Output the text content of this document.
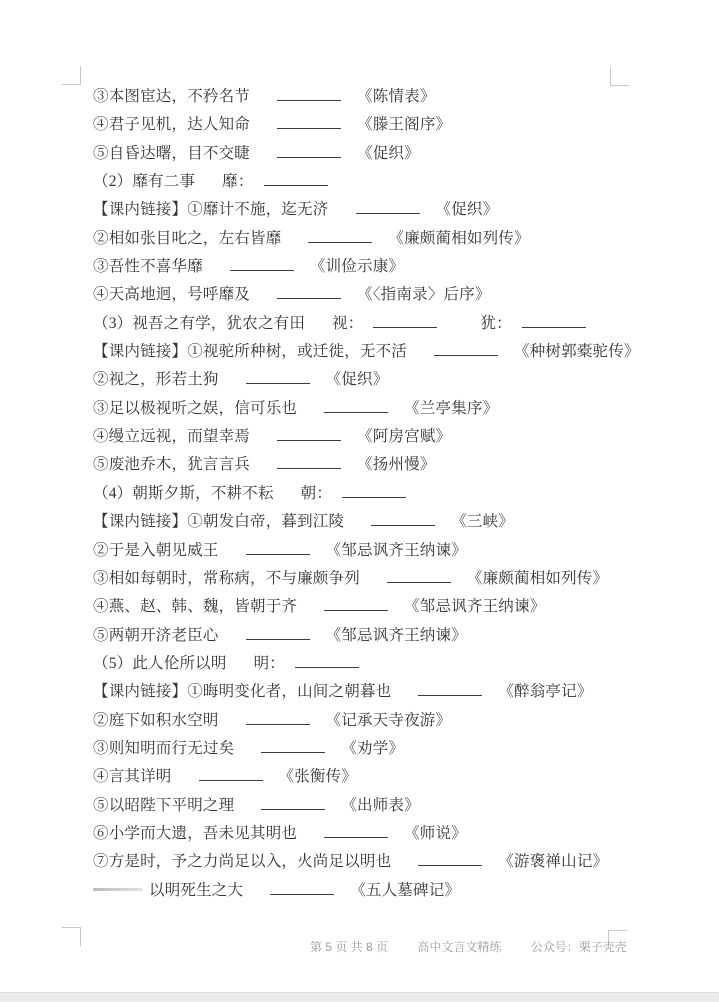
③本图宦达，不矜名节	《陈情表》
④君子见机，达人知命	《滕王阁序》
⑤自昏达曙，目不交睫	《促织》
（2）靡有二事 靡：
【课内链接】①靡计不施，迄无济	《促织》
②相如张目叱之，左右皆靡	《廉颇蔺相如列传》
③吾性不喜华靡	《训俭示康》
④天高地迥，号呼靡及	《〈指南录〉后序》
（3）视吾之有学，犹农之有田 视：	犹：
【课内链接】①视驼所种树，或迁徙，无不活	《种树郭橐驼传》
②视之，形若土狗	《促织》
③足以极视听之娱，信可乐也	《兰亭集序》
④缦立远视，而望幸焉	《阿房宫赋》
⑤废池乔木，犹言言兵	《扬州慢》
（4）朝斯夕斯，不耕不耘 朝：
【课内链接】①朝发白帝，暮到江陵	《三峡》
②于是入朝见威王	《邹忌讽齐王纳谏》
③相如每朝时，常称病，不与廉颇争列	《廉颇蔺相如列传》
④燕、赵、韩、魏，皆朝于齐	《邹忌讽齐王纳谏》
⑤两朝开济老臣心	《邹忌讽齐王纳谏》
（5）此人伦所以明 明：
【课内链接】①晦明变化者，山间之朝暮也	《醉翁亭记》
②庭下如积水空明	《记承天寺夜游》
③则知明而行无过矣	《劝学》
④言其详明	《张衡传》
⑤以昭陛下平明之理	《出师表》
⑥小学而大遗，吾未见其明也	《师说》
⑦方是时，予之力尚足以入，火尚足以明也	《游褒禅山记》
以明死生之大	《五人墓碑记》
第 5 页 共 8 页 高中文言文精练 公众号：栗子壳壳
